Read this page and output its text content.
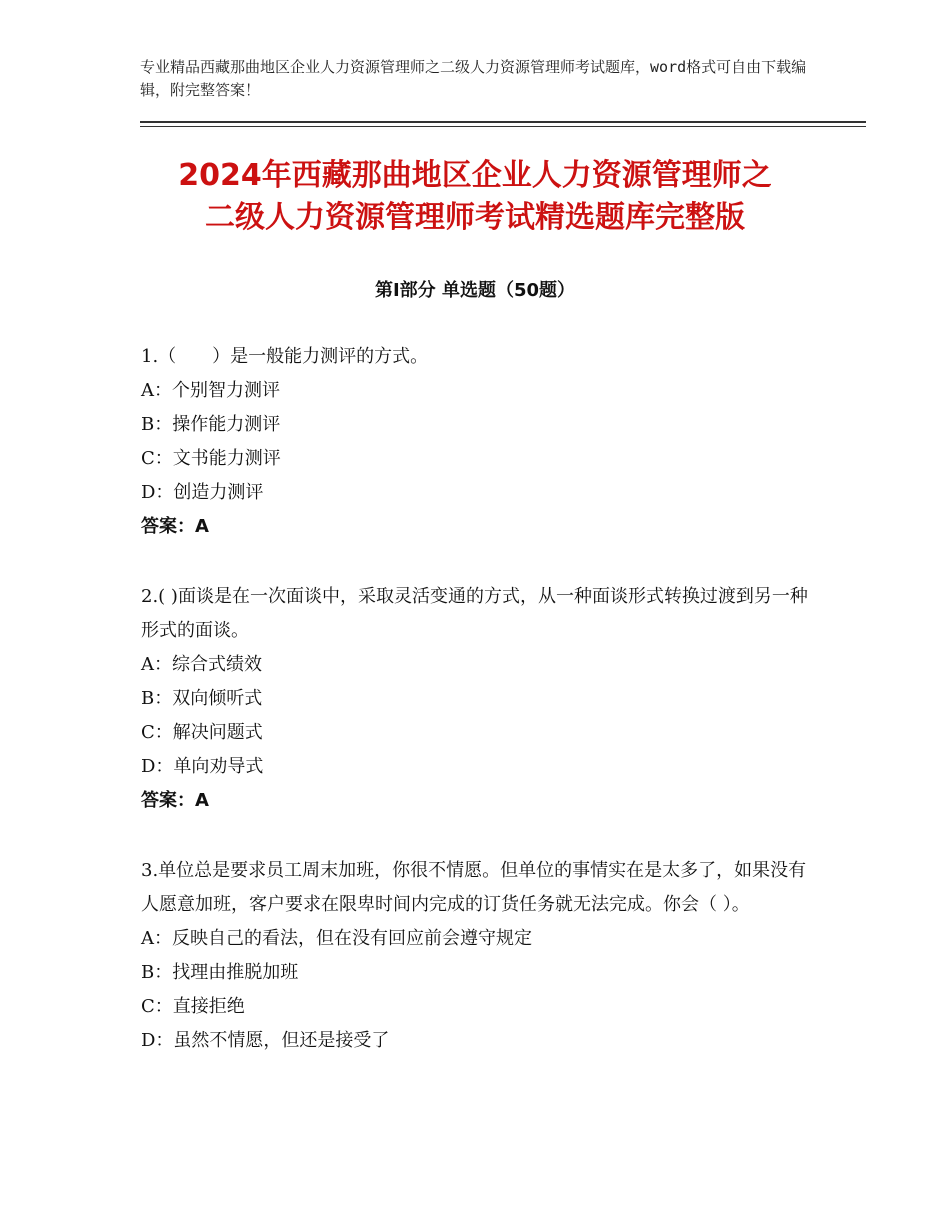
专业精品西藏那曲地区企业人力资源管理师之二级人力资源管理师考试题库，word格式可自由下载编辑，附完整答案！
2024年西藏那曲地区企业人力资源管理师之
二级人力资源管理师考试精选题库完整版
第Ⅰ部分 单选题（50题）
1.（　　）是一般能力测评的方式。
A：个别智力测评
B：操作能力测评
C：文书能力测评
D：创造力测评
答案：A
2.( )面谈是在一次面谈中，采取灵活变通的方式，从一种面谈形式转换过渡到另一种形式的面谈。
A：综合式绩效
B：双向倾听式
C：解决问题式
D：单向劝导式
答案：A
3.单位总是要求员工周末加班，你很不情愿。但单位的事情实在是太多了，如果没有人愿意加班，客户要求在限卑时间内完成的订货任务就无法完成。你会（ ）。
A：反映自己的看法，但在没有回应前会遵守规定
B：找理由推脱加班
C：直接拒绝
D：虽然不情愿，但还是接受了
